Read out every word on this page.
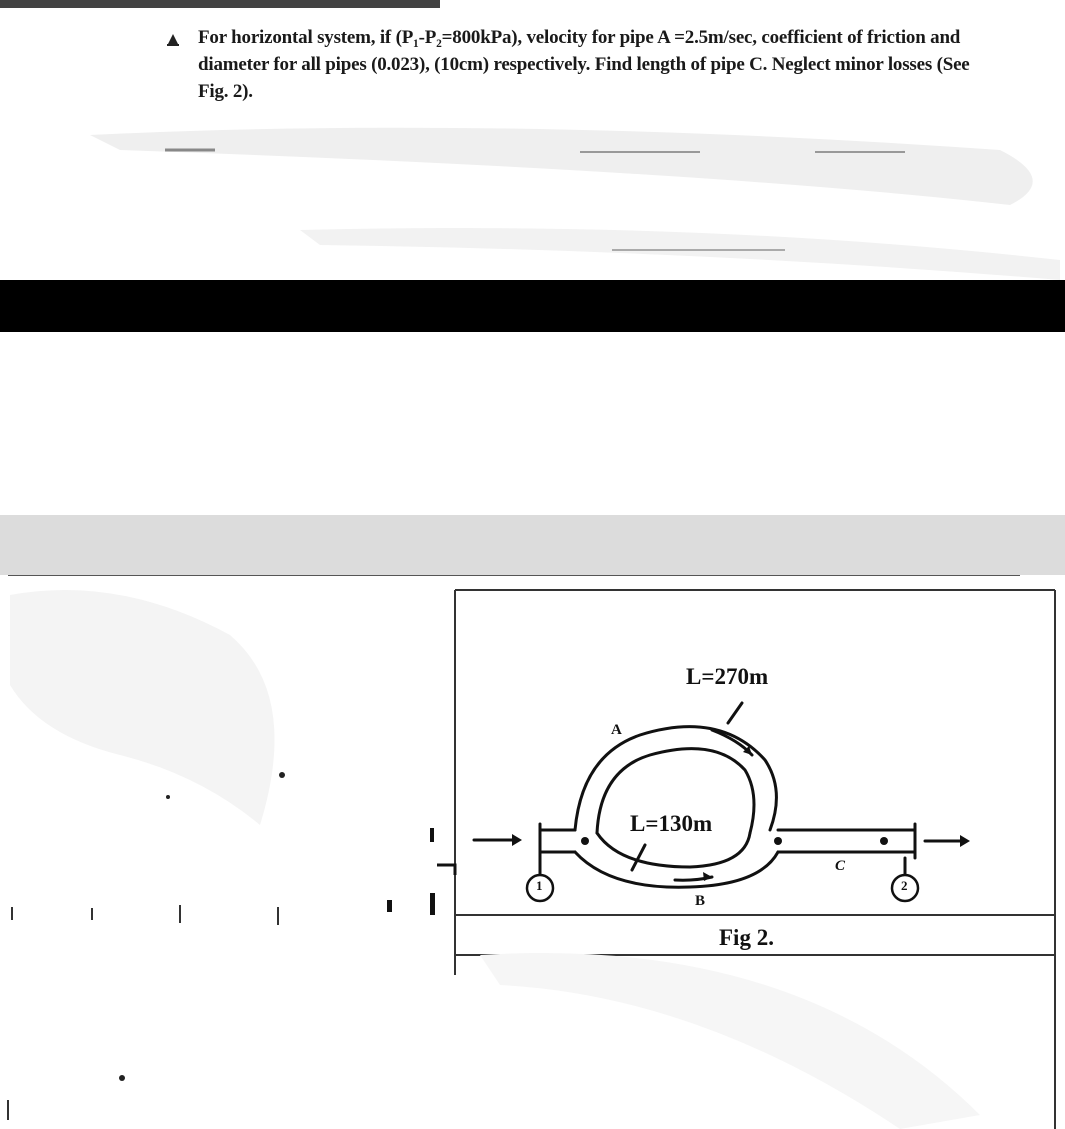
For horizontal system, if (P₁-P₂=800kPa), velocity for pipe A =2.5m/sec, coefficient of friction and diameter for all pipes (0.023), (10cm) respectively. Find length of pipe C. Neglect minor losses (See Fig. 2).
L=270m
L=130m
A
B
C
1	2
Fig 2.
